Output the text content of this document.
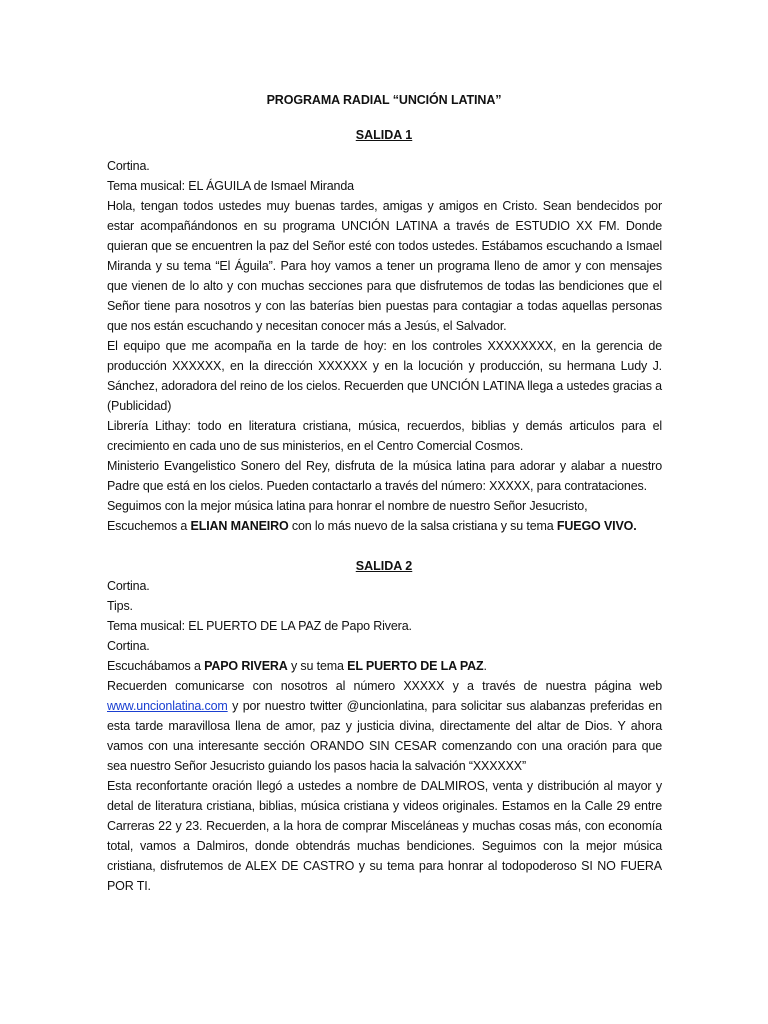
PROGRAMA RADIAL “UNCIÓN LATINA”
SALIDA 1

Cortina.

Tema musical: EL ÁGUILA de Ismael Miranda

Hola, tengan todos ustedes muy buenas tardes, amigas y amigos en Cristo. Sean bendecidos por estar acompañándonos en su programa UNCIÓN LATINA a través de ESTUDIO XX FM. Donde quieran que se encuentren la paz del Señor esté con todos ustedes. Estábamos escuchando a Ismael Miranda y su tema “El Águila”. Para hoy vamos a tener un programa lleno de amor y con mensajes que vienen de lo alto y con muchas secciones para que disfrutemos de todas las bendiciones que el Señor tiene para nosotros y con las baterías bien puestas para contagiar a todas aquellas personas que nos están escuchando y necesitan conocer más a Jesús, el Salvador.

El equipo que me acompaña en la tarde de hoy: en los controles XXXXXXXX, en la gerencia de producción XXXXXX, en la dirección XXXXXX y en la locución y producción, su hermana Ludy J. Sánchez, adoradora del reino de los cielos. Recuerden que UNCIÓN LATINA llega a ustedes gracias a (Publicidad)

Librería Lithay: todo en literatura cristiana, música, recuerdos, biblias y demás articulos para el crecimiento en cada uno de sus ministerios, en el Centro Comercial Cosmos.

Ministerio Evangelistico Sonero del Rey, disfruta de la música latina para adorar y alabar a nuestro Padre que está en los cielos. Pueden contactarlo a través del número: XXXXX, para contrataciones.

Seguimos con la mejor música latina para honrar el nombre de nuestro Señor Jesucristo,

Escuchemos a ELIAN MANEIRO con lo más nuevo de la salsa cristiana y su tema FUEGO VIVO.

SALIDA 2

Cortina.

Tips.

Tema musical: EL PUERTO DE LA PAZ de Papo Rivera.

Cortina.

Escuchábamos a PAPO RIVERA y su tema EL PUERTO DE LA PAZ.

Recuerden comunicarse con nosotros al número XXXXX y a través de nuestra página web

www.uncionlatina.com y por nuestro twitter @uncionlatina, para solicitar sus alabanzas preferidas en esta tarde maravillosa llena de amor, paz y justicia divina, directamente del altar de Dios. Y ahora vamos con una interesante sección ORANDO SIN CESAR comenzando con una oración para que sea nuestro Señor Jesucristo guiando los pasos hacia la salvación “XXXXXX”

Esta reconfortante oración llegó a ustedes a nombre de DALMIROS, venta y distribución al mayor y detal de literatura cristiana, biblias, música cristiana y videos originales. Estamos en la Calle 29 entre Carreras 22 y 23. Recuerden, a la hora de comprar Misceláneas y muchas cosas más, con economía total, vamos a Dalmiros, donde obtendrás muchas bendiciones. Seguimos con la mejor música cristiana, disfrutemos de ALEX DE CASTRO y su tema para honrar al todopoderoso SI NO FUERA POR TI.
